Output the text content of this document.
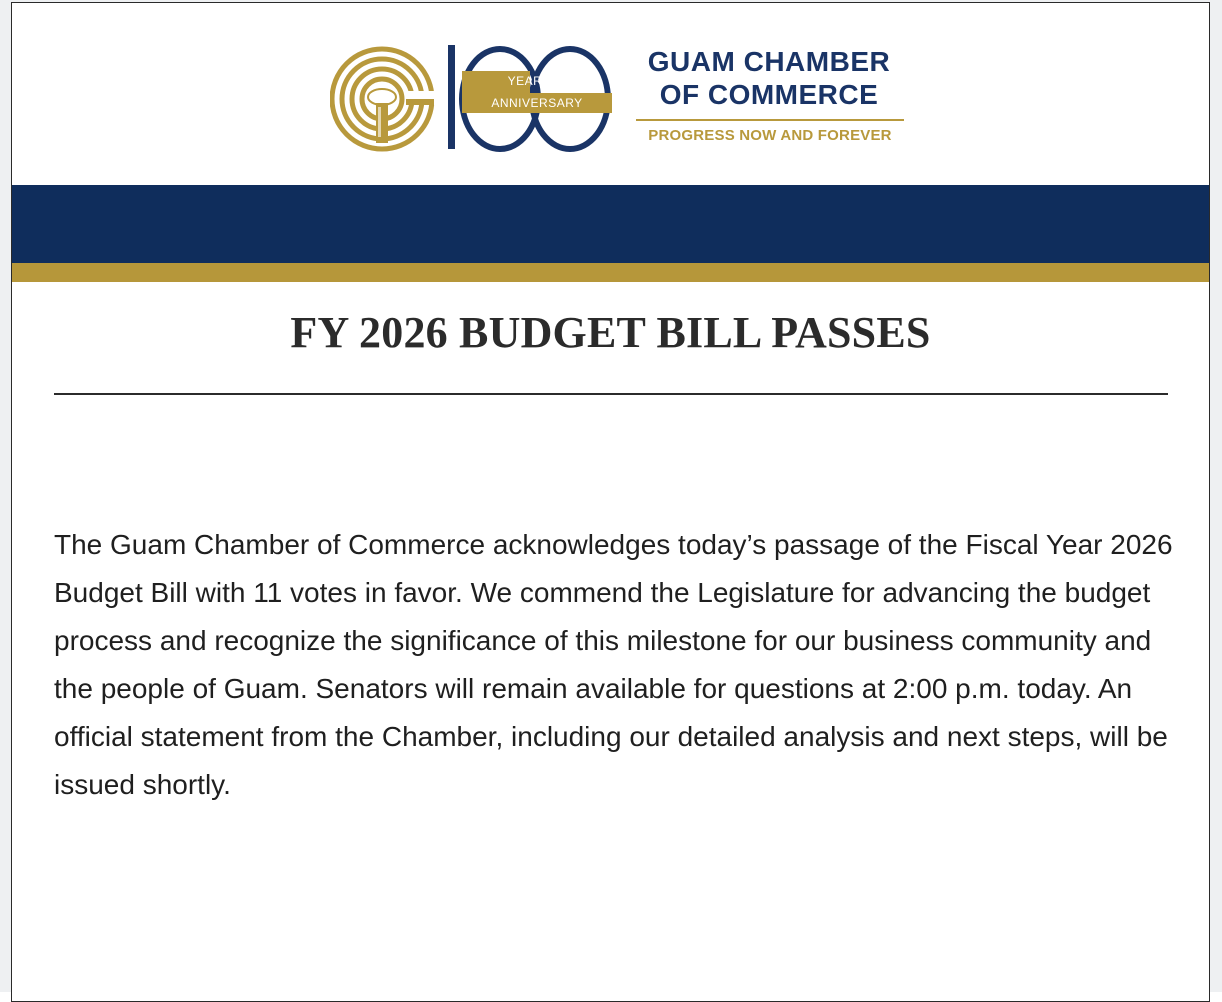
YEAR
ANNIVERSARY
GUAM CHAMBER
OF COMMERCE
PROGRESS NOW AND FOREVER
FY 2026 BUDGET BILL PASSES

The Guam Chamber of Commerce acknowledges today’s passage of the Fiscal Year 2026 Budget Bill with 11 votes in favor. We commend the Legislature for advancing the budget process and recognize the significance of this milestone for our business community and the people of Guam. Senators will remain available for questions at 2:00 p.m. today. An official statement from the Chamber, including our detailed analysis and next steps, will be issued shortly.
